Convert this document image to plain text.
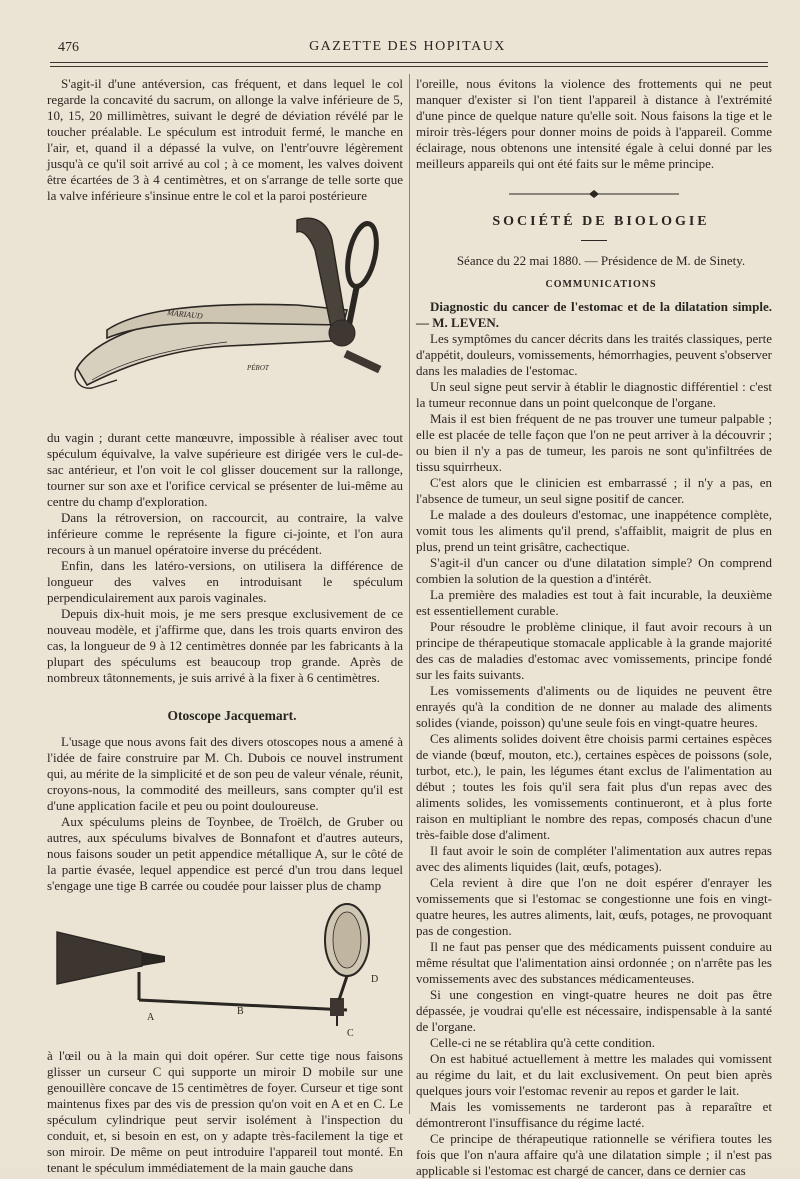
476	GAZETTE DES HOPITAUX

S'agit-il d'une antéversion, cas fréquent, et dans lequel le col regarde la concavité du sacrum, on allonge la valve inférieure de 5, 10, 15, 20 millimètres, suivant le degré de déviation révélé par le toucher préalable. Le spéculum est introduit fermé, le manche en l'air, et, quand il a dépassé la vulve, on l'entr'ouvre légèrement jusqu'à ce qu'il soit arrivé au col ; à ce moment, les valves doivent être écartées de 3 à 4 centimètres, et on s'arrange de telle sorte que la valve inférieure s'insinue entre le col et la paroi postérieure

MARIAUD
PÉROT

du vagin ; durant cette manœuvre, impossible à réaliser avec tout spéculum équivalve, la valve supérieure est dirigée vers le cul-de-sac antérieur, et l'on voit le col glisser doucement sur la rallonge, tourner sur son axe et l'orifice cervical se présenter de lui-même au centre du champ d'exploration.

Dans la rétroversion, on raccourcit, au contraire, la valve inférieure comme le représente la figure ci-jointe, et l'on aura recours à un manuel opératoire inverse du précédent.

Enfin, dans les latéro-versions, on utilisera la différence de longueur des valves en introduisant le spéculum perpendiculairement aux parois vaginales.

Depuis dix-huit mois, je me sers presque exclusivement de ce nouveau modèle, et j'affirme que, dans les trois quarts environ des cas, la longueur de 9 à 12 centimètres donnée par les fabricants à la plupart des spéculums est beaucoup trop grande. Après de nombreux tâtonnements, je suis arrivé à la fixer à 6 centimètres.

Otoscope Jacquemart.

L'usage que nous avons fait des divers otoscopes nous a amené à l'idée de faire construire par M. Ch. Dubois ce nouvel instrument qui, au mérite de la simplicité et de son peu de valeur vénale, réunit, croyons-nous, la commodité des meilleurs, sans compter qu'il est d'une application facile et peu ou point douloureuse.

Aux spéculums pleins de Toynbee, de Troëlch, de Gruber ou autres, aux spéculums bivalves de Bonnafont et d'autres auteurs, nous faisons souder un petit appendice métallique A, sur le côté de la partie évasée, lequel appendice est percé d'un trou dans lequel s'engage une tige B carrée ou coudée pour laisser plus de champ

A
B
C
D

à l'œil ou à la main qui doit opérer. Sur cette tige nous faisons glisser un curseur C qui supporte un miroir D mobile sur une genouillère concave de 15 centimètres de foyer. Curseur et tige sont maintenus fixes par des vis de pression qu'on voit en A et en C. Le spéculum cylindrique peut servir isolément à l'inspection du conduit, et, si besoin en est, on y adapte très-facilement la tige et son miroir. De même on peut introduire l'appareil tout monté. En tenant le spéculum immédiatement de la main gauche dans

l'oreille, nous évitons la violence des frottements qui ne peut manquer d'exister si l'on tient l'appareil à distance à l'extrémité d'une pince de quelque nature qu'elle soit. Nous faisons la tige et le miroir très-légers pour donner moins de poids à l'appareil. Comme éclairage, nous obtenons une intensité égale à celui donné par les meilleurs appareils qui ont été faits sur le même principe.

SOCIÉTÉ DE BIOLOGIE

Séance du 22 mai 1880. — Présidence de M. de Sinety.

COMMUNICATIONS

Diagnostic du cancer de l'estomac et de la dilatation simple. — M. LEVEN.

Les symptômes du cancer décrits dans les traités classiques, perte d'appétit, douleurs, vomissements, hémorrhagies, peuvent s'observer dans les maladies de l'estomac.

Un seul signe peut servir à établir le diagnostic différentiel : c'est la tumeur reconnue dans un point quelconque de l'organe.

Mais il est bien fréquent de ne pas trouver une tumeur palpable ; elle est placée de telle façon que l'on ne peut arriver à la découvrir ; ou bien il n'y a pas de tumeur, les parois ne sont qu'infiltrées de tissu squirrheux.

C'est alors que le clinicien est embarrassé ; il n'y a pas, en l'absence de tumeur, un seul signe positif de cancer.

Le malade a des douleurs d'estomac, une inappétence complète, vomit tous les aliments qu'il prend, s'affaiblit, maigrit de plus en plus, prend un teint grisâtre, cachectique.

S'agit-il d'un cancer ou d'une dilatation simple? On comprend combien la solution de la question a d'intérêt.

La première des maladies est tout à fait incurable, la deuxième est essentiellement curable.

Pour résoudre le problème clinique, il faut avoir recours à un principe de thérapeutique stomacale applicable à la grande majorité des cas de maladies d'estomac avec vomissements, principe fondé sur les faits suivants.

Les vomissements d'aliments ou de liquides ne peuvent être enrayés qu'à la condition de ne donner au malade des aliments solides (viande, poisson) qu'une seule fois en vingt-quatre heures.

Ces aliments solides doivent être choisis parmi certaines espèces de viande (bœuf, mouton, etc.), certaines espèces de poissons (sole, turbot, etc.), le pain, les légumes étant exclus de l'alimentation au début ; toutes les fois qu'il sera fait plus d'un repas avec des aliments solides, les vomissements continueront, et à plus forte raison en multipliant le nombre des repas, composés chacun d'une très-faible dose d'aliment.

Il faut avoir le soin de compléter l'alimentation aux autres repas avec des aliments liquides (lait, œufs, potages).

Cela revient à dire que l'on ne doit espérer d'enrayer les vomissements que si l'estomac se congestionne une fois en vingt-quatre heures, les autres aliments, lait, œufs, potages, ne provoquant pas de congestion.

Il ne faut pas penser que des médicaments puissent conduire au même résultat que l'alimentation ainsi ordonnée ; on n'arrête pas les vomissements avec des substances médicamenteuses.

Si une congestion en vingt-quatre heures ne doit pas être dépassée, je voudrai qu'elle est nécessaire, indispensable à la santé de l'organe.

Celle-ci ne se rétablira qu'à cette condition.

On est habitué actuellement à mettre les malades qui vomissent au régime du lait, et du lait exclusivement. On peut bien après quelques jours voir l'estomac revenir au repos et garder le lait.

Mais les vomissements ne tarderont pas à reparaître et démontreront l'insuffisance du régime lacté.

Ce principe de thérapeutique rationnelle se vérifiera toutes les fois que l'on n'aura affaire qu'à une dilatation simple ; il n'est pas applicable si l'estomac est chargé de cancer, dans ce dernier cas
